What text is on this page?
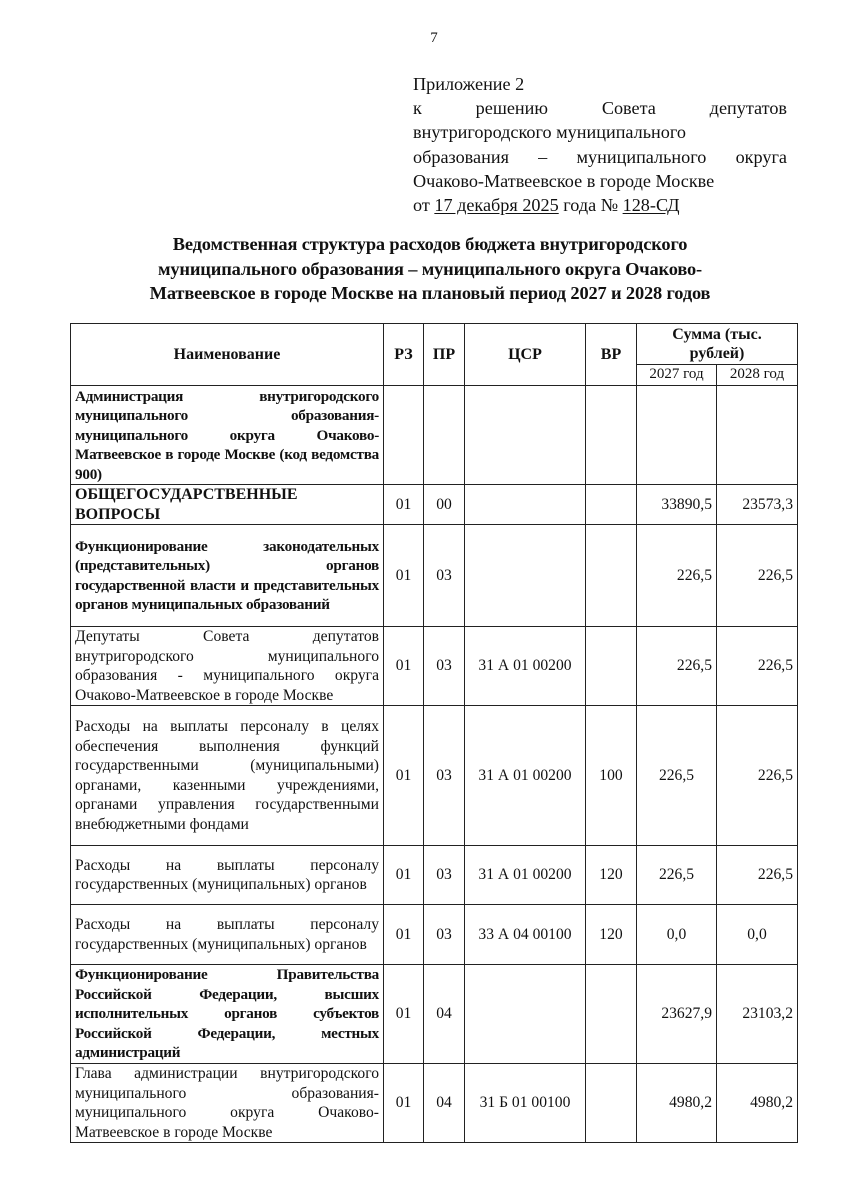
7
Приложение 2
к решению Совета депутатов
внутригородского муниципального
образования – муниципального округа
Очаково-Матвеевское в городе Москве
от 17 декабря 2025 года № 128-СД
Ведомственная структура расходов бюджета внутригородского
муниципального образования – муниципального округа Очаково-
Матвеевское в городе Москве на плановый период 2027 и 2028 годов
Наименование	РЗ	ПР	ЦСР	ВР	Сумма (тыс. рублей)	
					2027 год	2028 год
Администрация внутригородского муниципального образования-муниципального округа Очаково-Матвеевское в городе Москве (код ведомства 900)						
ОБЩЕГОСУДАРСТВЕННЫЕ ВОПРОСЫ	01	00			33890,5	23573,3
Функционирование законодательных (представительных) органов государственной власти и представительных органов муниципальных образований	01	03			226,5	226,5
Депутаты Совета депутатов внутригородского муниципального образования - муниципального округа Очаково-Матвеевское в городе Москве	01	03	31 А 01 00200		226,5	226,5
Расходы на выплаты персоналу в целях обеспечения выполнения функций государственными (муниципальными) органами, казенными учреждениями, органами управления государственными внебюджетными фондами	01	03	31 А 01 00200	100	226,5	226,5
Расходы на выплаты персоналу государственных (муниципальных) органов	01	03	31 А 01 00200	120	226,5	226,5
Расходы на выплаты персоналу государственных (муниципальных) органов	01	03	33 А 04 00100	120	0,0	0,0
Функционирование Правительства Российской Федерации, высших исполнительных органов субъектов Российской Федерации, местных администраций	01	04			23627,9	23103,2
Глава администрации внутригородского муниципального образования-муниципального округа Очаково-Матвеевское в городе Москве	01	04	31 Б 01 00100		4980,2	4980,2
